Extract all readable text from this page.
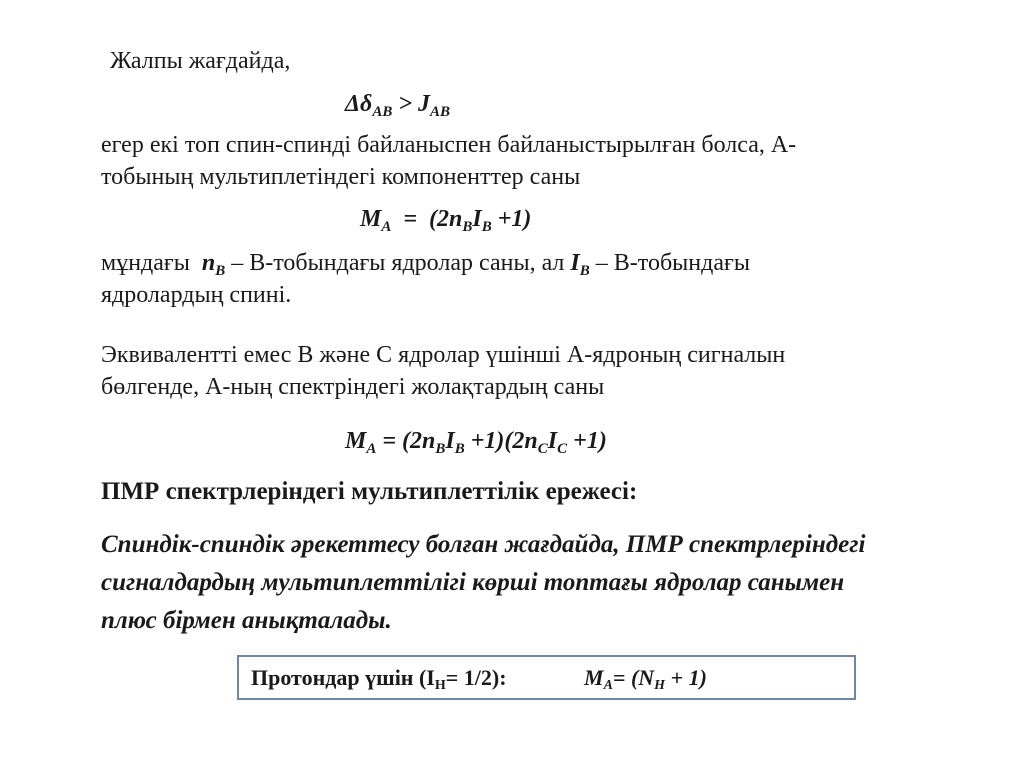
Жалпы жағдайда,
$\Delta\delta_{AB} > J_{AB}$
егер екі топ спин-спинді байланыспен байланыстырылған болса, А-
тобының мультиплетіндегі компоненттер саны
$M_A = (2n_BI_B +1)$
мұндағы  $n_B$ – В-тобындағы ядролар саны, ал $I_B$ – В-тобындағы
ядролардың спині.
Эквивалентті емес В және С ядролар үшінші А-ядроның сигналын
бөлгенде, А-ның спектріндегі жолақтардың саны
$M_A = (2n_BI_B +1)(2n_CI_C +1)$
ПМР спектрлеріндегі мультиплеттілік ережесі:
Спиндік-спиндік әрекеттесу болған жағдайда, ПМР спектрлеріндегі
сигналдардың мультиплеттілігі көрші топтағы ядролар санымен
плюс бірмен анықталады.
Протондар үшін $(I_H= 1/2)$:	$M_A= (N_H + 1)$
